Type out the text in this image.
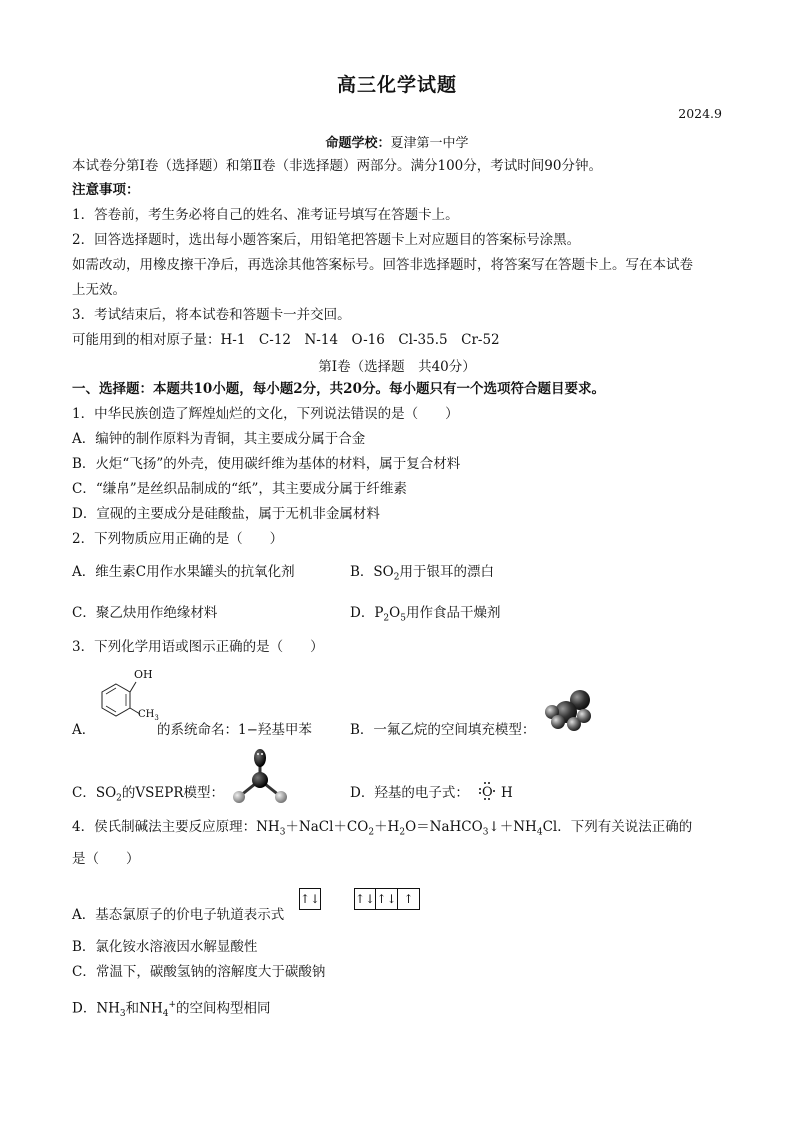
高三化学试题
2024.9
命题学校：夏津第一中学
本试卷分第Ⅰ卷（选择题）和第Ⅱ卷（非选择题）两部分。满分100分，考试时间90分钟。
注意事项：
1．答卷前，考生务必将自己的姓名、准考证号填写在答题卡上。
2．回答选择题时，选出每小题答案后，用铅笔把答题卡上对应题目的答案标号涂黑。
如需改动，用橡皮擦干净后，再选涂其他答案标号。回答非选择题时，将答案写在答题卡上。写在本试卷
上无效。
3．考试结束后，将本试卷和答题卡一并交回。
可能用到的相对原子量：H-1　C-12　N-14　O-16　Cl-35.5　Cr-52
第Ⅰ卷（选择题　共40分）
一、选择题：本题共10小题，每小题2分，共20分。每小题只有一个选项符合题目要求。
1．中华民族创造了辉煌灿烂的文化，下列说法错误的是（　　）
A．编钟的制作原料为青铜，其主要成分属于合金
B．火炬“飞扬”的外壳，使用碳纤维为基体的材料，属于复合材料
C．“缣帛”是丝织品制成的“纸”，其主要成分属于纤维素
D．宣砚的主要成分是硅酸盐，属于无机非金属材料
2．下列物质应用正确的是（　　）
A．维生素C用作水果罐头的抗氧化剂	B．$SO_2$用于银耳的漂白
C．聚乙炔用作绝缘材料	D．$P_2O_5$用作食品干燥剂
3．下列化学用语或图示正确的是（　　）
A．
OH
$CH_3$
的系统命名：1−羟基甲苯	B．一氟乙烷的空间填充模型：
C．$SO_2$的VSEPR模型：	D．羟基的电子式： O H
4．侯氏制碱法主要反应原理：$NH_3+NaCl+CO_2+H_2O=NaHCO_3↓+NH_4Cl$．下列有关说法正确的
是（　　）
A．基态氯原子的价电子轨道表示式
↑↓	↑↓ ↑↓ ↑
B．氯化铵水溶液因水解显酸性
C．常温下，碳酸氢钠的溶解度大于碳酸钠
D．$NH_3$和$NH_4^+$的空间构型相同
